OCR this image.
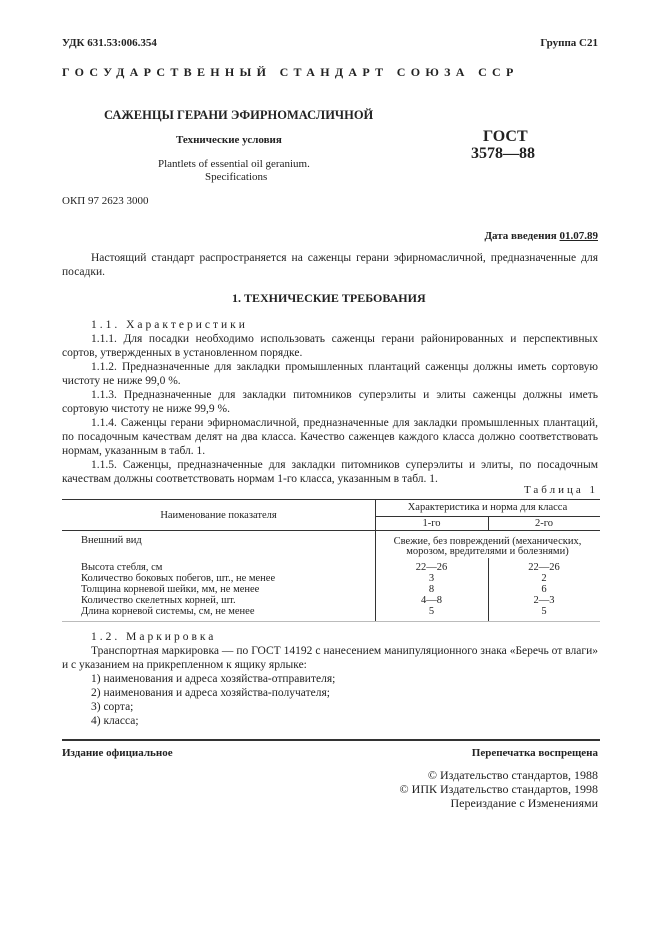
УДК 631.53:006.354	Группа С21
ГОСУДАРСТВЕННЫЙ СТАНДАРТ СОЮЗА ССР
САЖЕНЦЫ ГЕРАНИ ЭФИРНОМАСЛИЧНОЙ
Технические условия
Plantlets of essential oil geranium.
Specifications
ГОСТ
3578—88
ОКП 97 2623 3000
Дата введения 01.07.89
Настоящий стандарт распространяется на саженцы герани эфирномасличной, предназначенные для посадки.
1. ТЕХНИЧЕСКИЕ ТРЕБОВАНИЯ
1.1. Характеристики
1.1.1. Для посадки необходимо использовать саженцы герани районированных и перспективных сортов, утвержденных в установленном порядке.
1.1.2. Предназначенные для закладки промышленных плантаций саженцы должны иметь сортовую чистоту не ниже 99,0 %.
1.1.3. Предназначенные для закладки питомников суперэлиты и элиты саженцы должны иметь сортовую чистоту не ниже 99,9 %.
1.1.4. Саженцы герани эфирномасличной, предназначенные для закладки промышленных плантаций, по посадочным качествам делят на два класса. Качество саженцев каждого класса должно соответствовать нормам, указанным в табл. 1.
1.1.5. Саженцы, предназначенные для закладки питомников суперэлиты и элиты, по посадочным качествам должны соответствовать нормам 1-го класса, указанным в табл. 1.
Таблица 1
Наименование показателя
Характеристика и норма для класса
1-го	2-го
Внешний вид	Свежие, без повреждений (механических,
морозом, вредителями и болезнями)
Высота стебля, см	22—26	22—26
Количество боковых побегов, шт., не менее	3	2
Толщина корневой шейки, мм, не менее	8	6
Количество скелетных корней, шт.	4—8	2—3
Длина корневой системы, см, не менее	5	5
1.2. Маркировка
Транспортная маркировка — по ГОСТ 14192 с нанесением манипуляционного знака «Беречь от влаги» и с указанием на прикрепленном к ящику ярлыке:
1) наименования и адреса хозяйства-отправителя;
2) наименования и адреса хозяйства-получателя;
3) сорта;
4) класса;
Издание официальное	Перепечатка воспрещена
© Издательство стандартов, 1988
© ИПК Издательство стандартов, 1998
Переиздание с Изменениями
